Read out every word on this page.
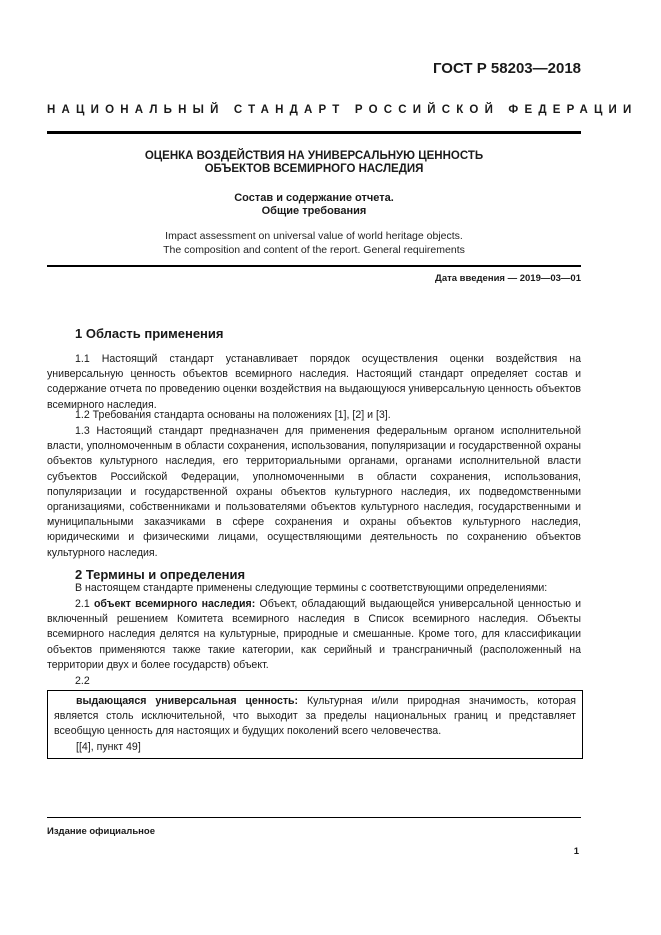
ГОСТ Р 58203—2018
НАЦИОНАЛЬНЫЙ СТАНДАРТ РОССИЙСКОЙ ФЕДЕРАЦИИ
ОЦЕНКА ВОЗДЕЙСТВИЯ НА УНИВЕРСАЛЬНУЮ ЦЕННОСТЬ
ОБЪЕКТОВ ВСЕМИРНОГО НАСЛЕДИЯ
Состав и содержание отчета.
Общие требования
Impact assessment on universal value of world heritage objects.
The composition and content of the report. General requirements
Дата введения — 2019—03—01
1 Область применения

1.1 Настоящий стандарт устанавливает порядок осуществления оценки воздействия на универсальную ценность объектов всемирного наследия. Настоящий стандарт определяет состав и содержание отчета по проведению оценки воздействия на выдающуюся универсальную ценность объектов всемирного наследия.

1.2 Требования стандарта основаны на положениях [1], [2] и [3].

1.3 Настоящий стандарт предназначен для применения федеральным органом исполнительной власти, уполномоченным в области сохранения, использования, популяризации и государственной охраны объектов культурного наследия, его территориальными органами, органами исполнительной власти субъектов Российской Федерации, уполномоченными в области сохранения, использования, популяризации и государственной охраны объектов культурного наследия, их подведомственными организациями, собственниками и пользователями объектов культурного наследия, государственными и муниципальными заказчиками в сфере сохранения и охраны объектов культурного наследия, юридическими и физическими лицами, осуществляющими деятельность по сохранению объектов культурного наследия.

2 Термины и определения

В настоящем стандарте применены следующие термины с соответствующими определениями:

2.1 объект всемирного наследия: Объект, обладающий выдающейся универсальной ценностью и включенный решением Комитета всемирного наследия в Список всемирного наследия. Объекты всемирного наследия делятся на культурные, природные и смешанные. Кроме того, для классификации объектов применяются также такие категории, как серийный и трансграничный (расположенный на территории двух и более государств) объект.

2.2

выдающаяся универсальная ценность: Культурная и/или природная значимость, которая является столь исключительной, что выходит за пределы национальных границ и представляет всеобщую ценность для настоящих и будущих поколений всего человечества.

[[4], пункт 49]

Издание официальное
1
